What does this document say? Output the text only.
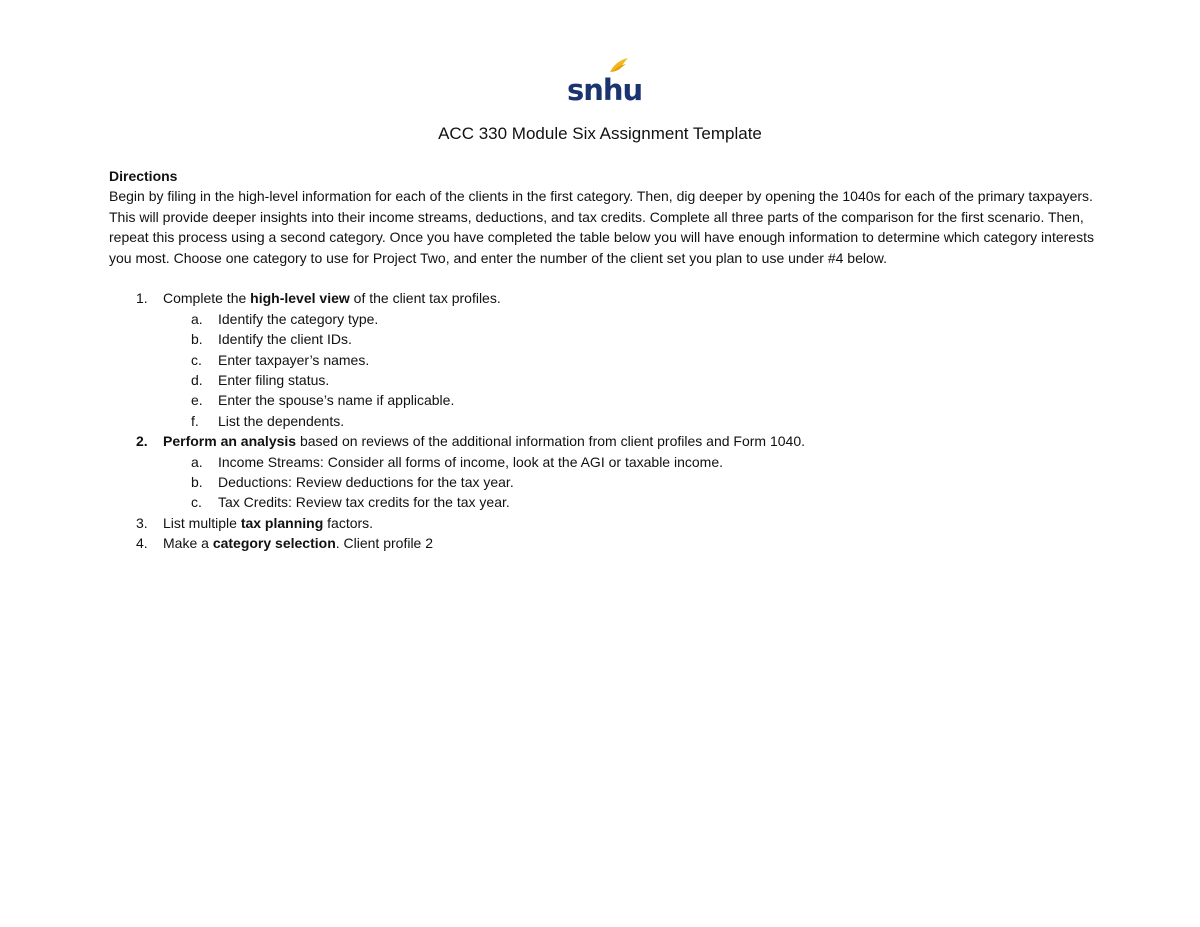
snhu
ACC 330 Module Six Assignment Template

Directions

Begin by filing in the high-level information for each of the clients in the first category. Then, dig deeper by opening the 1040s for each of the primary taxpayers. This will provide deeper insights into their income streams, deductions, and tax credits. Complete all three parts of the comparison for the first scenario. Then, repeat this process using a second category. Once you have completed the table below you will have enough information to determine which category interests you most. Choose one category to use for Project Two, and enter the number of the client set you plan to use under #4 below.

1. Complete the high-level view of the client tax profiles.
a. Identify the category type.
b. Identify the client IDs.
c. Enter taxpayer’s names.
d. Enter filing status.
e. Enter the spouse’s name if applicable.
f. List the dependents.
2. Perform an analysis based on reviews of the additional information from client profiles and Form 1040.
a. Income Streams: Consider all forms of income, look at the AGI or taxable income.
b. Deductions: Review deductions for the tax year.
c. Tax Credits: Review tax credits for the tax year.
3. List multiple tax planning factors.
4. Make a category selection. Client profile 2
